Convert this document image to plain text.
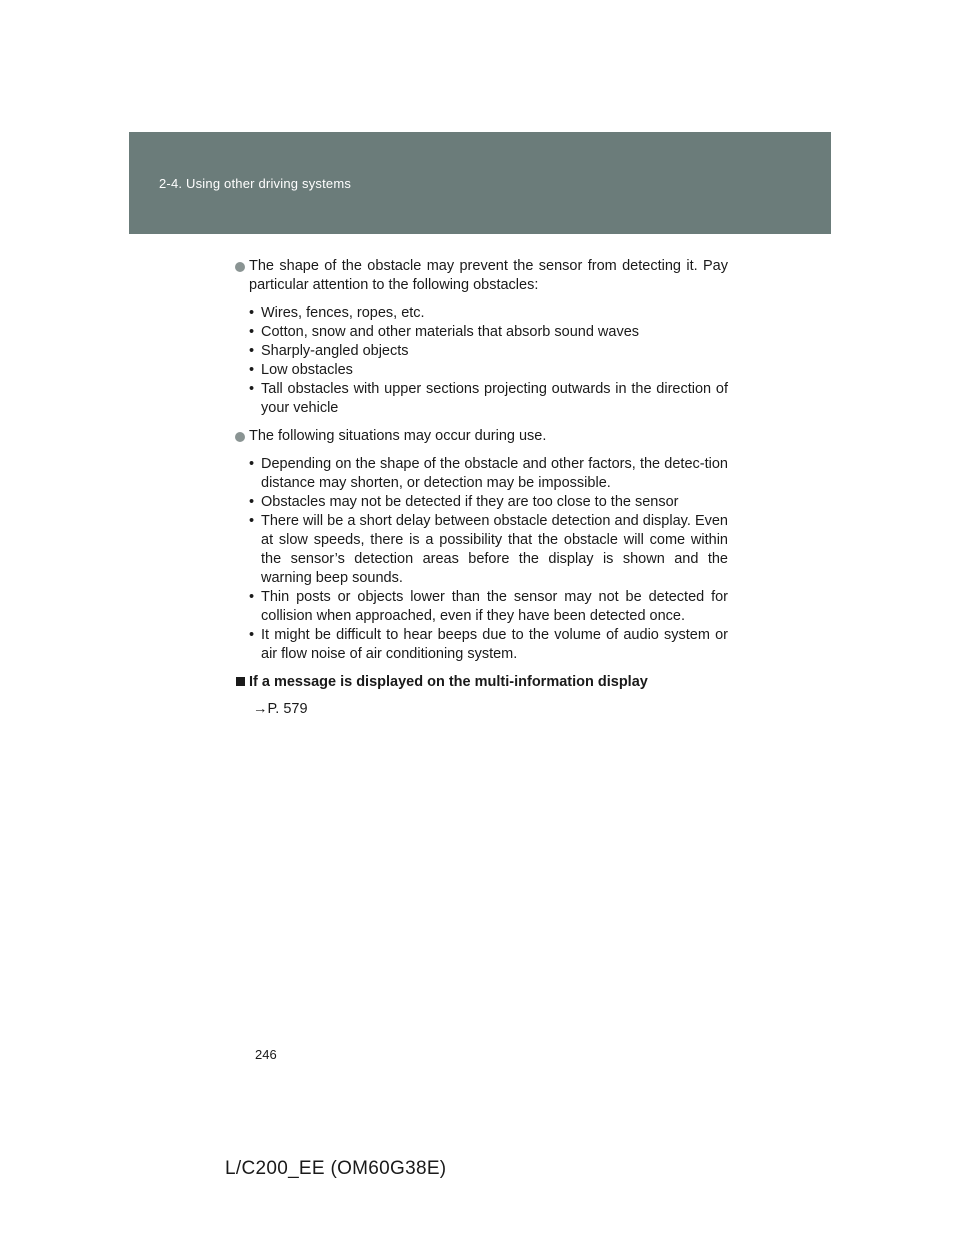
2-4. Using other driving systems
The shape of the obstacle may prevent the sensor from detecting it. Pay particular attention to the following obstacles:
• Wires, fences, ropes, etc.
• Cotton, snow and other materials that absorb sound waves
• Sharply-angled objects
• Low obstacles
• Tall obstacles with upper sections projecting outwards in the direction of your vehicle
The following situations may occur during use.
• Depending on the shape of the obstacle and other factors, the detec-tion distance may shorten, or detection may be impossible.
• Obstacles may not be detected if they are too close to the sensor
• There will be a short delay between obstacle detection and display. Even at slow speeds, there is a possibility that the obstacle will come within the sensor’s detection areas before the display is shown and the warning beep sounds.
• Thin posts or objects lower than the sensor may not be detected for collision when approached, even if they have been detected once.
• It might be difficult to hear beeps due to the volume of audio system or air flow noise of air conditioning system.
If a message is displayed on the multi-information display
→P. 579
246
L/C200_EE (OM60G38E)
